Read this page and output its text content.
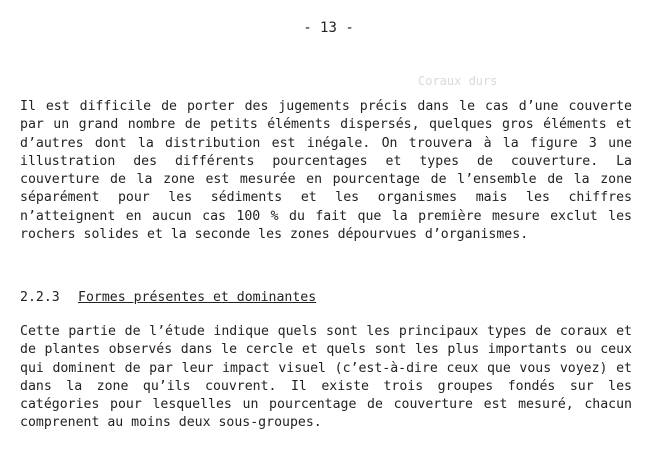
Coraux durs
- 13 -

Il est difficile de porter des jugements précis dans le cas d’une couverte par un grand nombre de petits éléments dispersés, quelques gros éléments et d’autres dont la distribution est inégale. On trouvera à la figure 3 une illustration des différents pourcentages et types de couverture. La couverture de la zone est mesurée en pourcentage de l’ensemble de la zone séparément pour les sédiments et les organismes mais les chiffres n’atteignent en aucun cas 100 % du fait que la première mesure exclut les rochers solides et la seconde les zones dépourvues d’organismes.

2.2.3 Formes présentes et dominantes

Cette partie de l’étude indique quels sont les principaux types de coraux et de plantes observés dans le cercle et quels sont les plus importants ou ceux qui dominent de par leur impact visuel (c’est-à-dire ceux que vous voyez) et dans la zone qu’ils couvrent. Il existe trois groupes fondés sur les catégories pour lesquelles un pourcentage de couverture est mesuré, chacun comprenent au moins deux sous-groupes.
